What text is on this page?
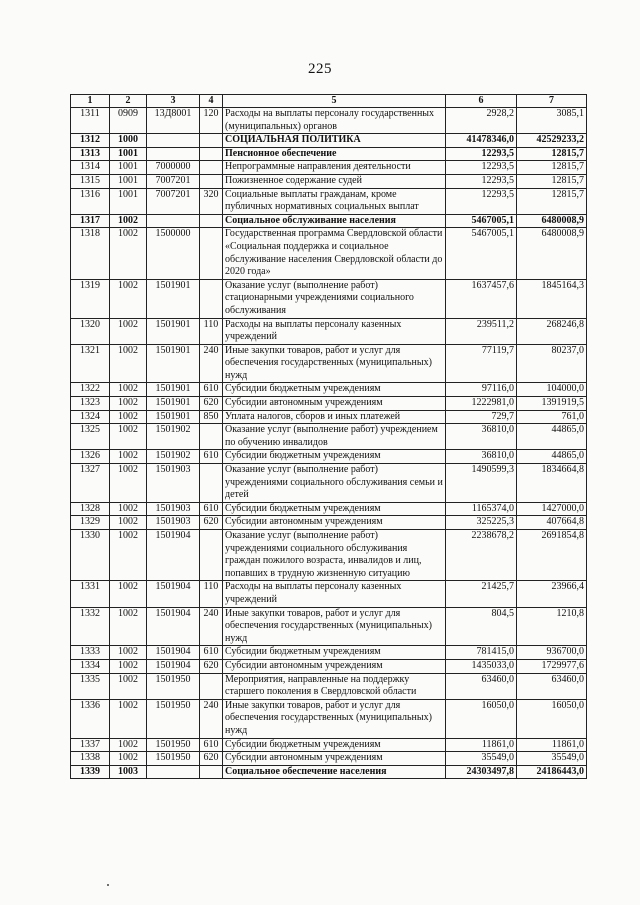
225
1	2	3	4	5	6	7
1311	0909	13Д8001	120	Расходы на выплаты персоналу государственных (муниципальных) органов	2928,2	3085,1
1312	1000			СОЦИАЛЬНАЯ ПОЛИТИКА	41478346,0	42529233,2
1313	1001			Пенсионное обеспечение	12293,5	12815,7
1314	1001	7000000		Непрограммные направления деятельности	12293,5	12815,7
1315	1001	7007201		Пожизненное содержание судей	12293,5	12815,7
1316	1001	7007201	320	Социальные выплаты гражданам, кроме публичных нормативных социальных выплат	12293,5	12815,7
1317	1002			Социальное обслуживание населения	5467005,1	6480008,9
1318	1002	1500000		Государственная программа Свердловской области «Социальная поддержка и социальное обслуживание населения Свердловской области до 2020 года»	5467005,1	6480008,9
1319	1002	1501901		Оказание услуг (выполнение работ) стационарными учреждениями социального обслуживания	1637457,6	1845164,3
1320	1002	1501901	110	Расходы на выплаты персоналу казенных учреждений	239511,2	268246,8
1321	1002	1501901	240	Иные закупки товаров, работ и услуг для обеспечения государственных (муниципальных) нужд	77119,7	80237,0
1322	1002	1501901	610	Субсидии бюджетным учреждениям	97116,0	104000,0
1323	1002	1501901	620	Субсидии автономным учреждениям	1222981,0	1391919,5
1324	1002	1501901	850	Уплата налогов, сборов и иных платежей	729,7	761,0
1325	1002	1501902		Оказание услуг (выполнение работ) учреждением по обучению инвалидов	36810,0	44865,0
1326	1002	1501902	610	Субсидии бюджетным учреждениям	36810,0	44865,0
1327	1002	1501903		Оказание услуг (выполнение работ) учреждениями социального обслуживания семьи и детей	1490599,3	1834664,8
1328	1002	1501903	610	Субсидии бюджетным учреждениям	1165374,0	1427000,0
1329	1002	1501903	620	Субсидии автономным учреждениям	325225,3	407664,8
1330	1002	1501904		Оказание услуг (выполнение работ) учреждениями социального обслуживания граждан пожилого возраста, инвалидов и лиц, попавших в трудную жизненную ситуацию	2238678,2	2691854,8
1331	1002	1501904	110	Расходы на выплаты персоналу казенных учреждений	21425,7	23966,4
1332	1002	1501904	240	Иные закупки товаров, работ и услуг для обеспечения государственных (муниципальных) нужд	804,5	1210,8
1333	1002	1501904	610	Субсидии бюджетным учреждениям	781415,0	936700,0
1334	1002	1501904	620	Субсидии автономным учреждениям	1435033,0	1729977,6
1335	1002	1501950		Мероприятия, направленные на поддержку старшего поколения в Свердловской области	63460,0	63460,0
1336	1002	1501950	240	Иные закупки товаров, работ и услуг для обеспечения государственных (муниципальных) нужд	16050,0	16050,0
1337	1002	1501950	610	Субсидии бюджетным учреждениям	11861,0	11861,0
1338	1002	1501950	620	Субсидии автономным учреждениям	35549,0	35549,0
1339	1003			Социальное обеспечение населения	24303497,8	24186443,0
